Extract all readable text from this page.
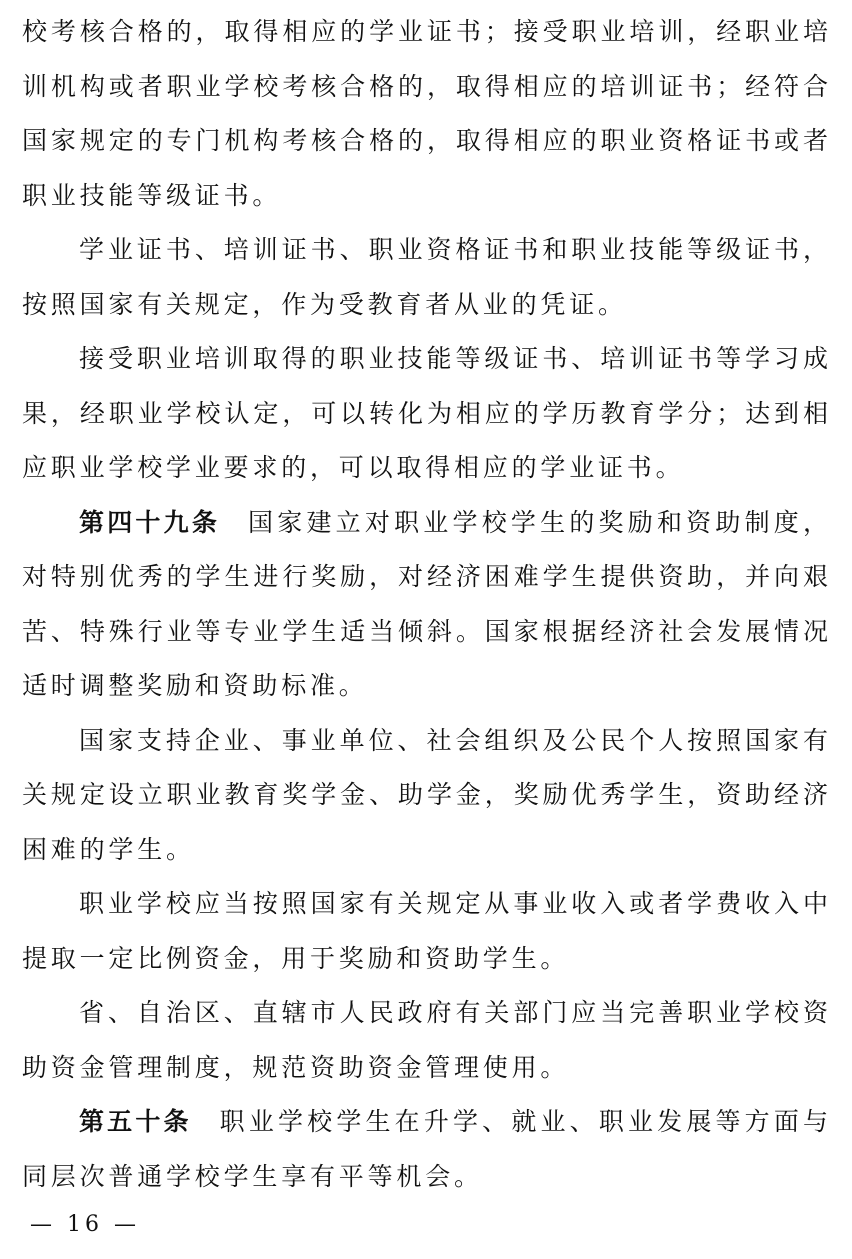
校考核合格的，取得相应的学业证书；接受职业培训，经职业培
训机构或者职业学校考核合格的，取得相应的培训证书；经符合
国家规定的专门机构考核合格的，取得相应的职业资格证书或者
职业技能等级证书。
学业证书、培训证书、职业资格证书和职业技能等级证书，
按照国家有关规定，作为受教育者从业的凭证。
接受职业培训取得的职业技能等级证书、培训证书等学习成
果，经职业学校认定，可以转化为相应的学历教育学分；达到相
应职业学校学业要求的，可以取得相应的学业证书。
第四十九条 国家建立对职业学校学生的奖励和资助制度，
对特别优秀的学生进行奖励，对经济困难学生提供资助，并向艰
苦、特殊行业等专业学生适当倾斜。国家根据经济社会发展情况
适时调整奖励和资助标准。
国家支持企业、事业单位、社会组织及公民个人按照国家有
关规定设立职业教育奖学金、助学金，奖励优秀学生，资助经济
困难的学生。
职业学校应当按照国家有关规定从事业收入或者学费收入中
提取一定比例资金，用于奖励和资助学生。
省、自治区、直辖市人民政府有关部门应当完善职业学校资
助资金管理制度，规范资助资金管理使用。
第五十条 职业学校学生在升学、就业、职业发展等方面与
同层次普通学校学生享有平等机会。
— 16 —
